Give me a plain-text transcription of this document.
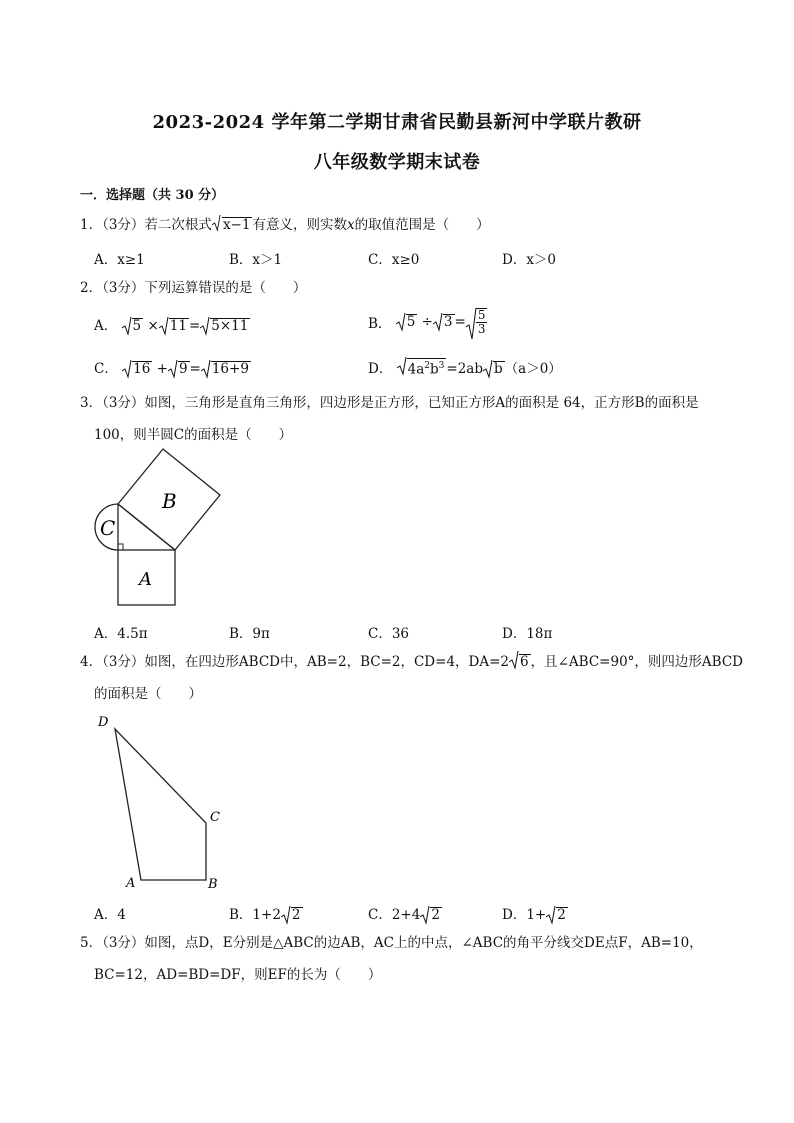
2023-2024 学年第二学期甘肃省民勤县新河中学联片教研
八年级数学期末试卷
一．选择题（共 30 分）
1．（3分）若二次根式 x−1 有意义，则实数x的取值范围是（　　）
A．x≥1	B．x＞1	C．x≥0	D．x＞0
2．（3分）下列运算错误的是（　　）
A． 5 × 11 = 5×11	B． $5 \div 3 = \frac{5}{3}$
C． 16 + 9 = 16+9	D． $4a^2b^3 =2ab$ b （a＞0）
3．（3分）如图，三角形是直角三角形，四边形是正方形，已知正方形A的面积是 64，正方形B的面积是
100，则半圆C的面积是（　　）
B
C
A
A．4.5π	B．9π	C．36	D．18π
4．（3分）如图，在四边形ABCD中，AB=2，BC=2，CD=4，DA=2 6 ，且∠ABC=90°，则四边形ABCD
的面积是（　　）
D
C
A	B
A．4	B．1+2 2	C．2+4 2	D．1+ 2
5．（3分）如图，点D，E分别是△ABC的边AB，AC上的中点，∠ABC的角平分线交DE点F，AB=10，
BC=12，AD=BD=DF，则EF的长为（　　）
